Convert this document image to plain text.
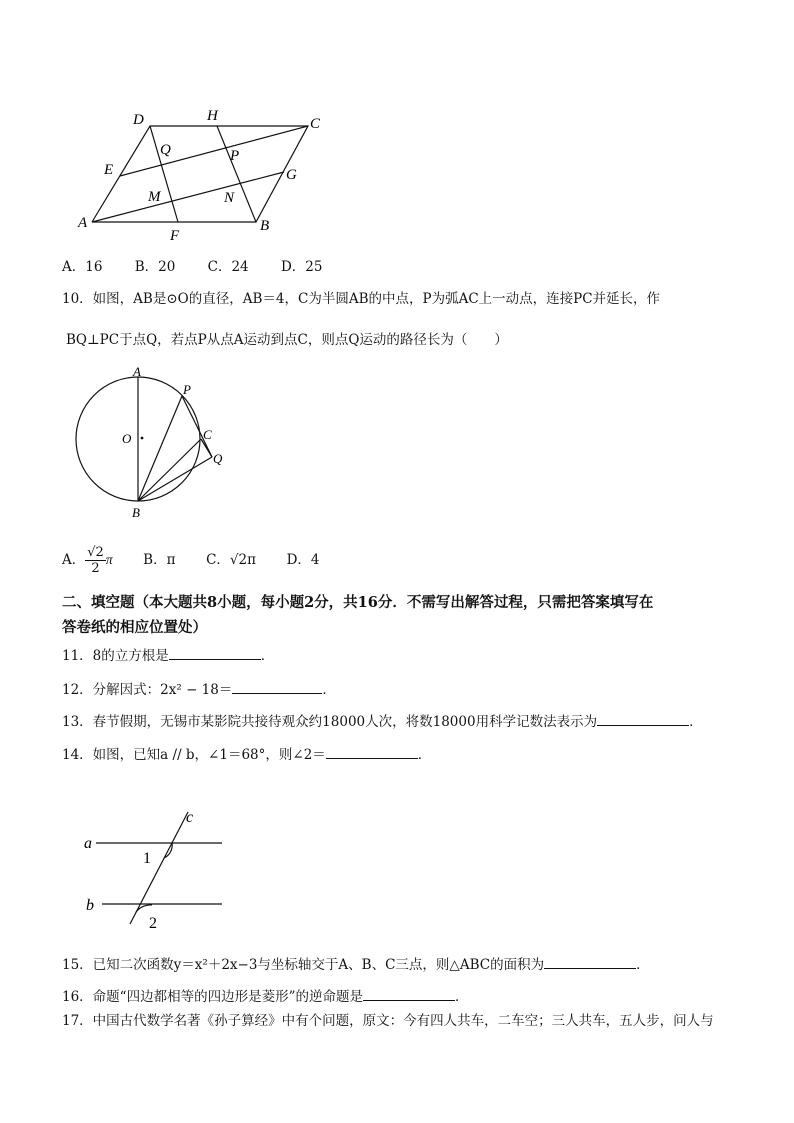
D	H	C
E
Q	P
G
M	N
A
F
B
A．16 B．20 C．24 D．25
10．如图，AB是⊙O的直径，AB＝4，C为半圆AB的中点，P为弧AC上一动点，连接PC并延长，作
BQ⊥PC于点Q，若点P从点A运动到点C，则点Q运动的路径长为（　　）
A
P
O	C
Q
B
A． $\frac{√2}{2}$ π B．π C．√2π D．4
二、填空题（本大题共8小题，每小题2分，共16分．不需写出解答过程，只需把答案填写在
答卷纸的相应位置处）
11．8的立方根是	．
12．分解因式：2x² − 18＝	．
13．春节假期，无锡市某影院共接待观众约18000人次，将数18000用科学记数法表示为	．
14．如图，已知a // b，∠1＝68°，则∠2＝	．
c
a
b
1
2
15．已知二次函数y＝x²＋2x−3与坐标轴交于A、B、C三点，则△ABC的面积为	．
16．命题“四边都相等的四边形是菱形”的逆命题是	．
17．中国古代数学名著《孙子算经》中有个问题，原文：今有四人共车，二车空；三人共车，五人步，问人与
